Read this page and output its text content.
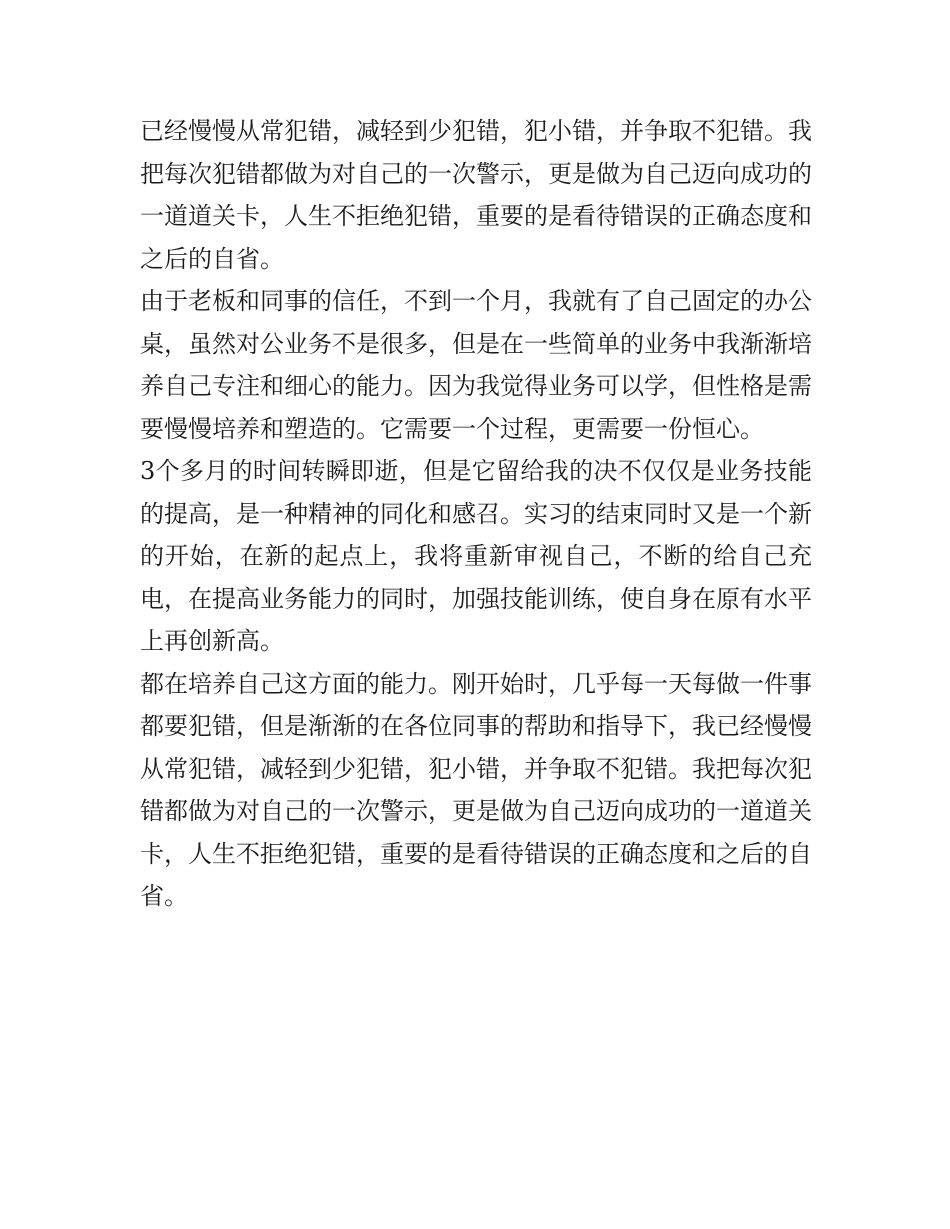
已经慢慢从常犯错，减轻到少犯错，犯小错，并争取不犯错。我把每次犯错都做为对自己的一次警示，更是做为自己迈向成功的一道道关卡，人生不拒绝犯错，重要的是看待错误的正确态度和之后的自省。

由于老板和同事的信任，不到一个月，我就有了自己固定的办公桌，虽然对公业务不是很多，但是在一些简单的业务中我渐渐培养自己专注和细心的能力。因为我觉得业务可以学，但性格是需要慢慢培养和塑造的。它需要一个过程，更需要一份恒心。

3个多月的时间转瞬即逝，但是它留给我的决不仅仅是业务技能的提高，是一种精神的同化和感召。实习的结束同时又是一个新的开始，在新的起点上，我将重新审视自己，不断的给自己充电，在提高业务能力的同时，加强技能训练，使自身在原有水平上再创新高。

都在培养自己这方面的能力。刚开始时，几乎每一天每做一件事都要犯错，但是渐渐的在各位同事的帮助和指导下，我已经慢慢从常犯错，减轻到少犯错，犯小错，并争取不犯错。我把每次犯错都做为对自己的一次警示，更是做为自己迈向成功的一道道关卡，人生不拒绝犯错，重要的是看待错误的正确态度和之后的自省。
